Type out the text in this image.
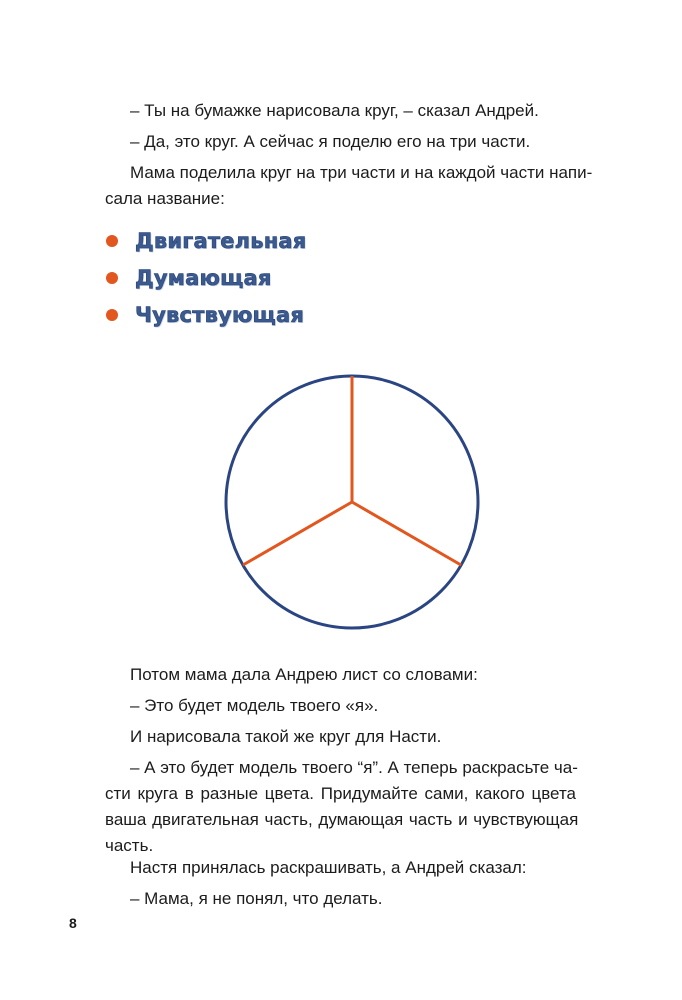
– Ты на бумажке нарисовала круг, – сказал Андрей.

– Да, это круг. А сейчас я поделю его на три части.

Мама поделила круг на три части и на каждой части напи-
сала название:
Двигательная
Думающая
Чувствующая

Потом мама дала Андрею лист со словами:

– Это будет модель твоего «я».

И нарисовала такой же круг для Насти.

– А это будет модель твоего “я”. А теперь раскрасьте ча-
сти круга в разные цвета. Придумайте сами, какого цвета
ваша двигательная часть, думающая часть и чувствующая
часть.

Настя принялась раскрашивать, а Андрей сказал:

– Мама, я не понял, что делать.

8
